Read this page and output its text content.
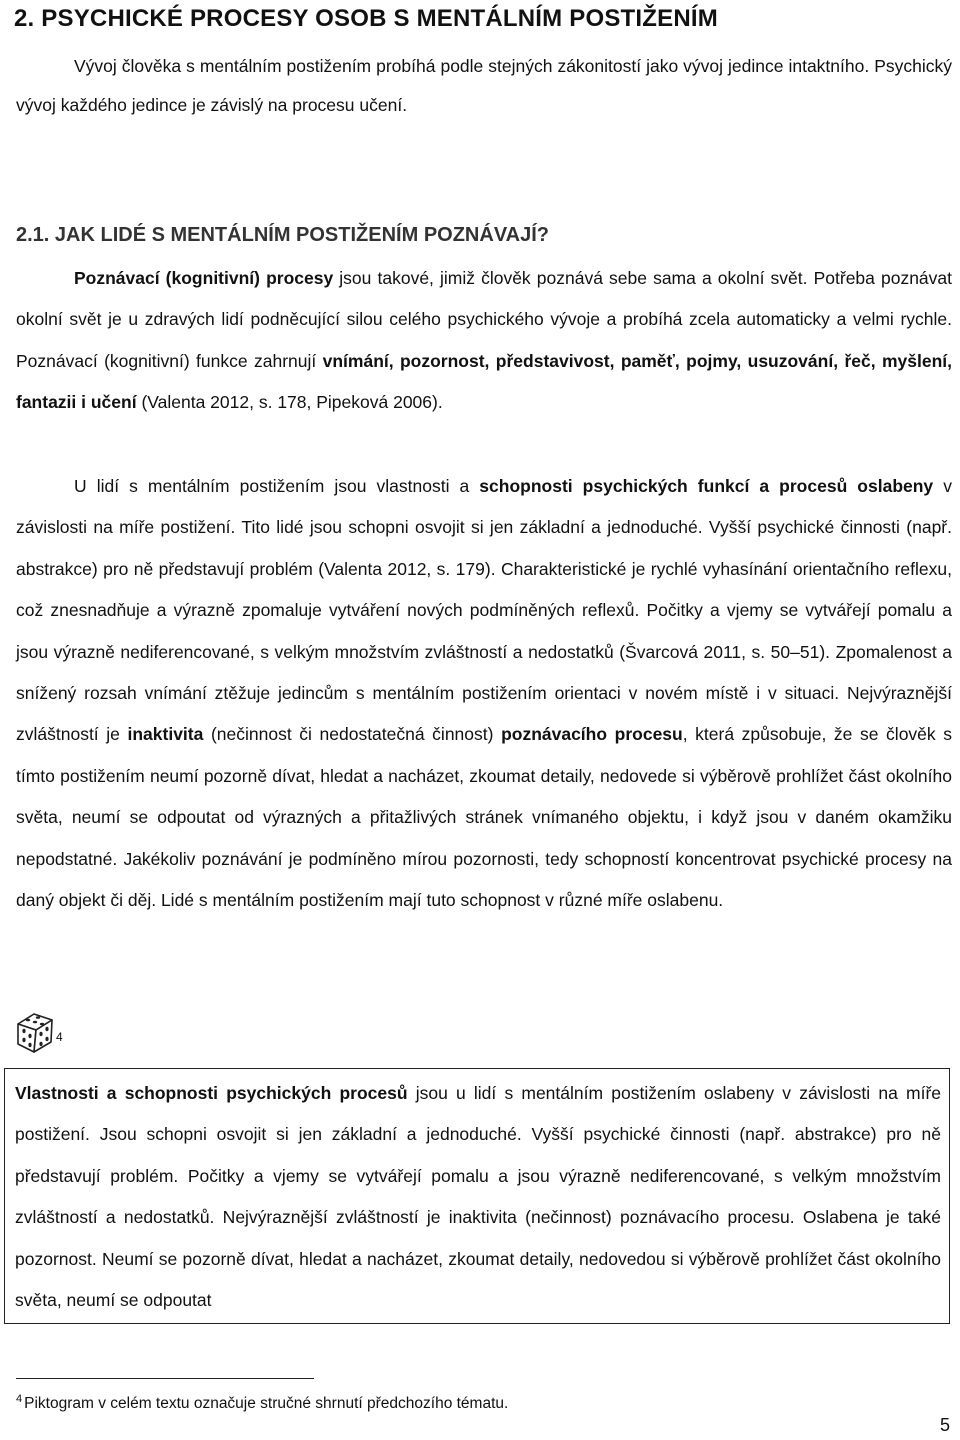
2. PSYCHICKÉ PROCESY OSOB S MENTÁLNÍM POSTIŽENÍM
Vývoj člověka s mentálním postižením probíhá podle stejných zákonitostí jako vývoj jedince intaktního. Psychický vývoj každého jedince je závislý na procesu učení.
2.1. JAK LIDÉ S MENTÁLNÍM POSTIŽENÍM POZNÁVAJÍ?
Poznávací (kognitivní) procesy jsou takové, jimiž člověk poznává sebe sama a okolní svět. Potřeba poznávat okolní svět je u zdravých lidí podněcující silou celého psychického vývoje a probíhá zcela automaticky a velmi rychle. Poznávací (kognitivní) funkce zahrnují vnímání, pozornost, představivost, paměť, pojmy, usuzování, řeč, myšlení, fantazii i učení (Valenta 2012, s. 178, Pipeková 2006).
U lidí s mentálním postižením jsou vlastnosti a schopnosti psychických funkcí a procesů oslabeny v závislosti na míře postižení. Tito lidé jsou schopni osvojit si jen základní a jednoduché. Vyšší psychické činnosti (např. abstrakce) pro ně představují problém (Valenta 2012, s. 179). Charakteristické je rychlé vyhasínání orientačního reflexu, což znesnadňuje a výrazně zpomaluje vytváření nových podmíněných reflexů. Počitky a vjemy se vytvářejí pomalu a jsou výrazně nediferencované, s velkým množstvím zvláštností a nedostatků (Švarcová 2011, s. 50–51). Zpomalenost a snížený rozsah vnímání ztěžuje jedincům s mentálním postižením orientaci v novém místě i v situaci. Nejvýraznější zvláštností je inaktivita (nečinnost či nedostatečná činnost) poznávacího procesu, která způsobuje, že se člověk s tímto postižením neumí pozorně dívat, hledat a nacházet, zkoumat detaily, nedovede si výběrově prohlížet část okolního světa, neumí se odpoutat od výrazných a přitažlivých stránek vnímaného objektu, i když jsou v daném okamžiku nepodstatné. Jakékoliv poznávání je podmíněno mírou pozornosti, tedy schopností koncentrovat psychické procesy na daný objekt či děj. Lidé s mentálním postižením mají tuto schopnost v různé míře oslabenu.
4
Vlastnosti a schopnosti psychických procesů jsou u lidí s mentálním postižením oslabeny v závislosti na míře postižení. Jsou schopni osvojit si jen základní a jednoduché. Vyšší psychické činnosti (např. abstrakce) pro ně představují problém. Počitky a vjemy se vytvářejí pomalu a jsou výrazně nediferencované, s velkým množstvím zvláštností a nedostatků. Nejvýraznější zvláštností je inaktivita (nečinnost) poznávacího procesu. Oslabena je také pozornost. Neumí se pozorně dívat, hledat a nacházet, zkoumat detaily, nedovedou si výběrově prohlížet část okolního světa, neumí se odpoutat
$^4$ Piktogram v celém textu označuje stručné shrnutí předchozího tématu.
5
